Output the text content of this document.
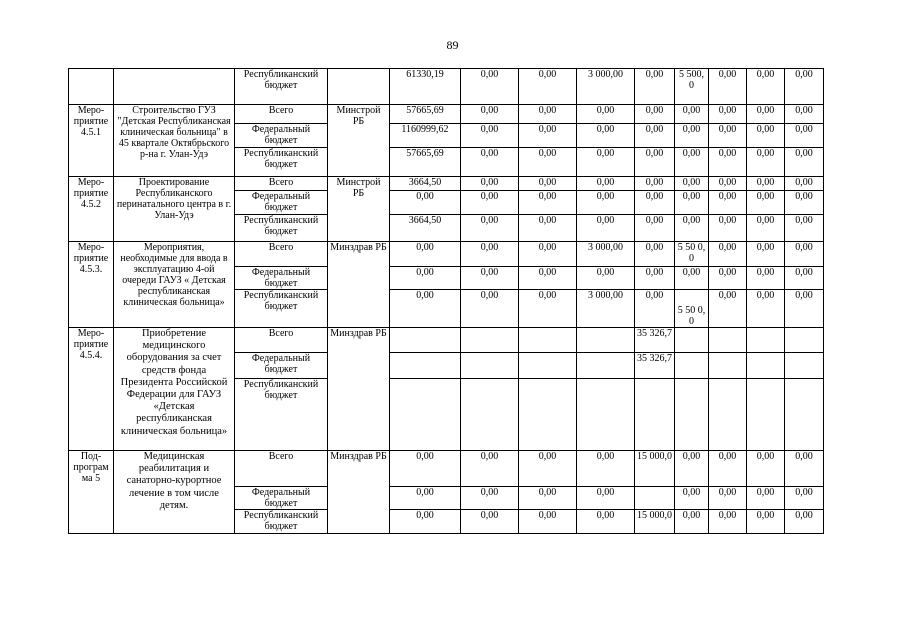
89
		Республиканский бюджет		61330,19	0,00	0,00	3 000,00	0,00	5 500,0	0,00	0,00	0,00
Меро-приятие 4.5.1	Строительство ГУЗ "Детская Республиканская клиническая больница" в 45 квартале Октябрьского р-на г. Улан-Удэ	Всего	Минстрой РБ	57665,69	0,00	0,00	0,00	0,00	0,00	0,00	0,00	0,00
		Федеральный бюджет		1160999,62	0,00	0,00	0,00	0,00	0,00	0,00	0,00	0,00
		Республиканский бюджет		57665,69	0,00	0,00	0,00	0,00	0,00	0,00	0,00	0,00
Меро-приятие 4.5.2	Проектирование Республиканского перинатального центра в г. Улан-Удэ	Всего	Минстрой РБ	3664,50	0,00	0,00	0,00	0,00	0,00	0,00	0,00	0,00
		Федеральный бюджет		0,00	0,00	0,00	0,00	0,00	0,00	0,00	0,00	0,00
		Республиканский бюджет		3664,50	0,00	0,00	0,00	0,00	0,00	0,00	0,00	0,00
Меро-приятие 4.5.3.	Мероприятия, необходимые для ввода в эксплуатацию 4-ой очереди ГАУЗ « Детская республиканская клиническая больница»	Всего	Минздрав РБ	0,00	0,00	0,00	3 000,00	0,00	5 50 0,0	0,00	0,00	0,00
		Федеральный бюджет		0,00	0,00	0,00	0,00	0,00	0,00	0,00	0,00	0,00
		Республиканский бюджет		0,00	0,00	0,00	3 000,00	0,00	5 50 0,0	0,00	0,00	0,00
Меро-приятие 4.5.4.	Приобретение медицинского оборудования за счет средств фонда Президента Российской Федерации для ГАУЗ «Детская республиканская клиническая больница»	Всего	Минздрав РБ					35 326,7				
		Федеральный бюджет						35 326,7				
		Республиканский бюджет										
Под-програм ма 5	Медицинская реабилитация и санаторно-курортное лечение в том числе детям.	Всего	Минздрав РБ	0,00	0,00	0,00	0,00	15 000,0	0,00	0,00	0,00	0,00
		Федеральный бюджет		0,00	0,00	0,00	0,00		0,00	0,00	0,00	0,00
		Республиканский бюджет		0,00	0,00	0,00	0,00	15 000,0	0,00	0,00	0,00	0,00
